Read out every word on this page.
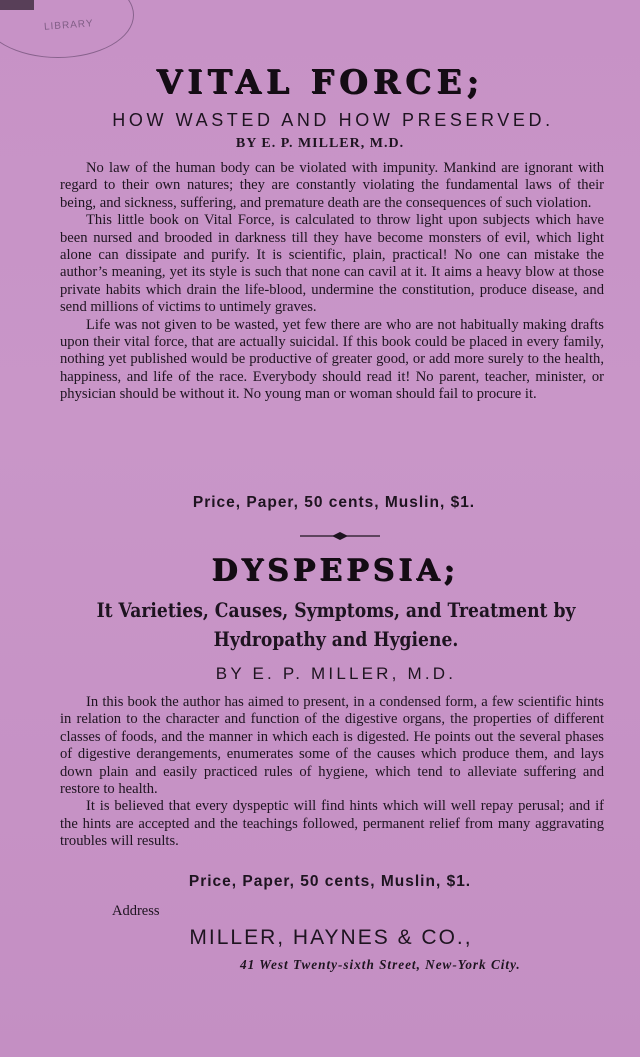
LIBRARY
VITAL FORCE;
HOW WASTED AND HOW PRESERVED.
BY E. P. MILLER, M.D.

No law of the human body can be violated with impunity. Mankind are ignorant with regard to their own natures; they are constantly violating the fundamental laws of their being, and sickness, suffering, and premature death are the consequences of such violation.

This little book on Vital Force, is calculated to throw light upon subjects which have been nursed and brooded in darkness till they have become monsters of evil, which light alone can dissipate and purify. It is scientific, plain, practical! No one can mistake the author’s meaning, yet its style is such that none can cavil at it. It aims a heavy blow at those private habits which drain the life-blood, undermine the constitution, produce disease, and send millions of victims to untimely graves.

Life was not given to be wasted, yet few there are who are not habitually making drafts upon their vital force, that are actually suicidal. If this book could be placed in every family, nothing yet published would be productive of greater good, or add more surely to the health, happiness, and life of the race. Everybody should read it! No parent, teacher, minister, or physician should be without it. No young man or woman should fail to procure it.

Price, Paper, 50 cents, Muslin, $1.
DYSPEPSIA;
It Varieties, Causes, Symptoms, and Treatment by Hydropathy and Hygiene.
BY E. P. MILLER, M.D.

In this book the author has aimed to present, in a condensed form, a few scientific hints in relation to the character and function of the digestive organs, the properties of different classes of foods, and the manner in which each is digested. He points out the several phases of digestive derangements, enumerates some of the causes which produce them, and lays down plain and easily practiced rules of hygiene, which tend to alleviate suffering and restore to health.

It is believed that every dyspeptic will find hints which will well repay perusal; and if the hints are accepted and the teachings followed, permanent relief from many aggravating troubles will results.

Price, Paper, 50 cents, Muslin, $1.
Address
MILLER, HAYNES & CO.,
41 West Twenty-sixth Street, New-York City.
